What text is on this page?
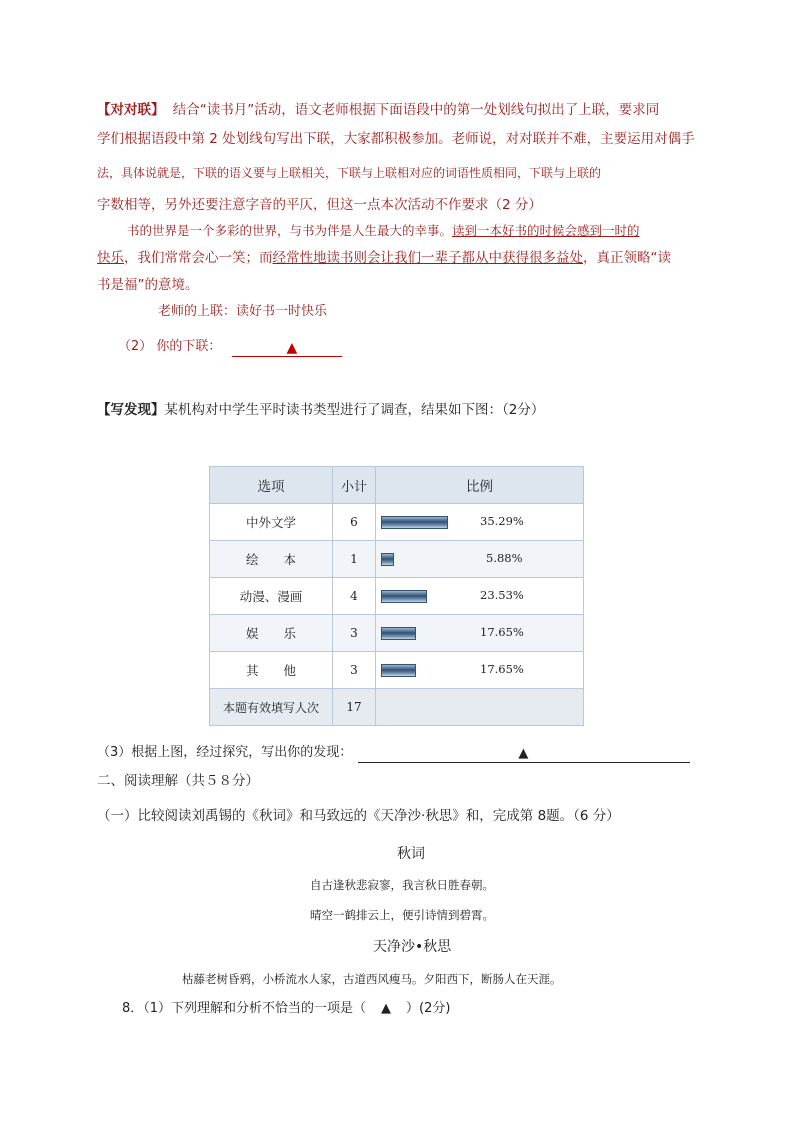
【对对联】 结合“读书月”活动，语文老师根据下面语段中的第一处划线句拟出了上联，要求同
学们根据语段中第 2 处划线句写出下联，大家都积极参加。老师说，对对联并不难，主要运用对偶手
法，具体说就是，下联的语义要与上联相关，下联与上联相对应的词语性质相同，下联与上联的
字数相等，另外还要注意字音的平仄，但这一点本次活动不作要求（2 分）
书的世界是一个多彩的世界，与书为伴是人生最大的幸事。读到一本好书的时候会感到一时的
快乐，我们常常会心一笑；而经常性地读书则会让我们一辈子都从中获得很多益处，真正领略“读
书是福”的意境。
老师的上联：读好书一时快乐
（2） 你的下联：	▲
【写发现】某机构对中学生平时读书类型进行了调查，结果如下图：（2分）
选项	小计	比例
中外文学	6	35.29%

绘　　本	1	5.88%

动漫、漫画	4	23.53%

娱　　乐	3	17.65%

其　　他	3	17.65%

本题有效填写人次	17	
（3）根据上图，经过探究，写出你的发现：	▲
二、阅读理解（共５８分）
（一）比较阅读刘禹锡的《秋词》和马致远的《天净沙·秋思》和，完成第 8题。（6 分）
秋词
自古逢秋悲寂寥，我言秋日胜春朝。
晴空一鹤排云上，便引诗情到碧霄。
天净沙•秋思
枯藤老树昏鸦，小桥流水人家，古道西风瘦马。夕阳西下，断肠人在天涯。
8．（1）下列理解和分析不恰当的一项是（ ▲ ）(2分)
